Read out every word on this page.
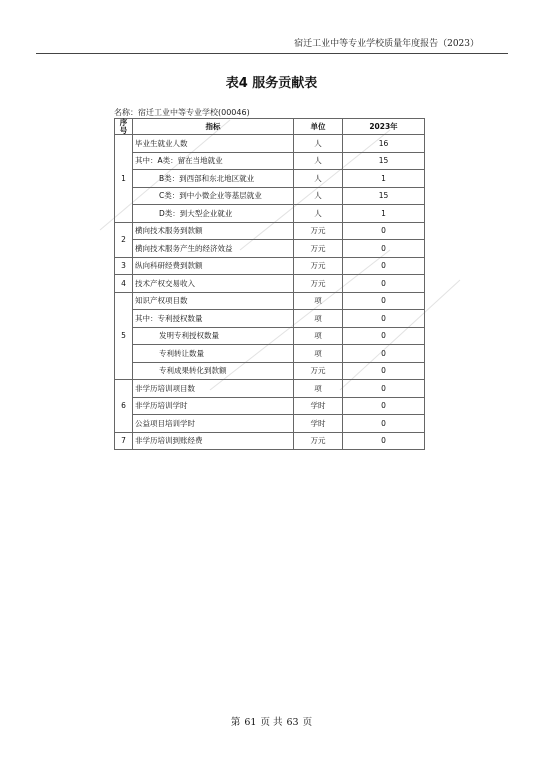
宿迁工业中等专业学校质量年度报告（2023）
表4 服务贡献表
名称：宿迁工业中等专业学校(00046)
序号	指标	单位	2023年
1	毕业生就业人数	人	16
	其中：A类：留在当地就业	人	15
	B类：到西部和东北地区就业	人	1
	C类：到中小微企业等基层就业	人	15
	D类：到大型企业就业	人	1
2	横向技术服务到款额	万元	0
	横向技术服务产生的经济效益	万元	0
3	纵向科研经费到款额	万元	0
4	技术产权交易收入	万元	0
5	知识产权项目数	项	0
	其中：专利授权数量	项	0
	发明专利授权数量	项	0
	专利转让数量	项	0
	专利成果转化到款额	万元	0
6	非学历培训项目数	项	0
	非学历培训学时	学时	0
	公益项目培训学时	学时	0
7	非学历培训到账经费	万元	0
第 61 页 共 63 页
